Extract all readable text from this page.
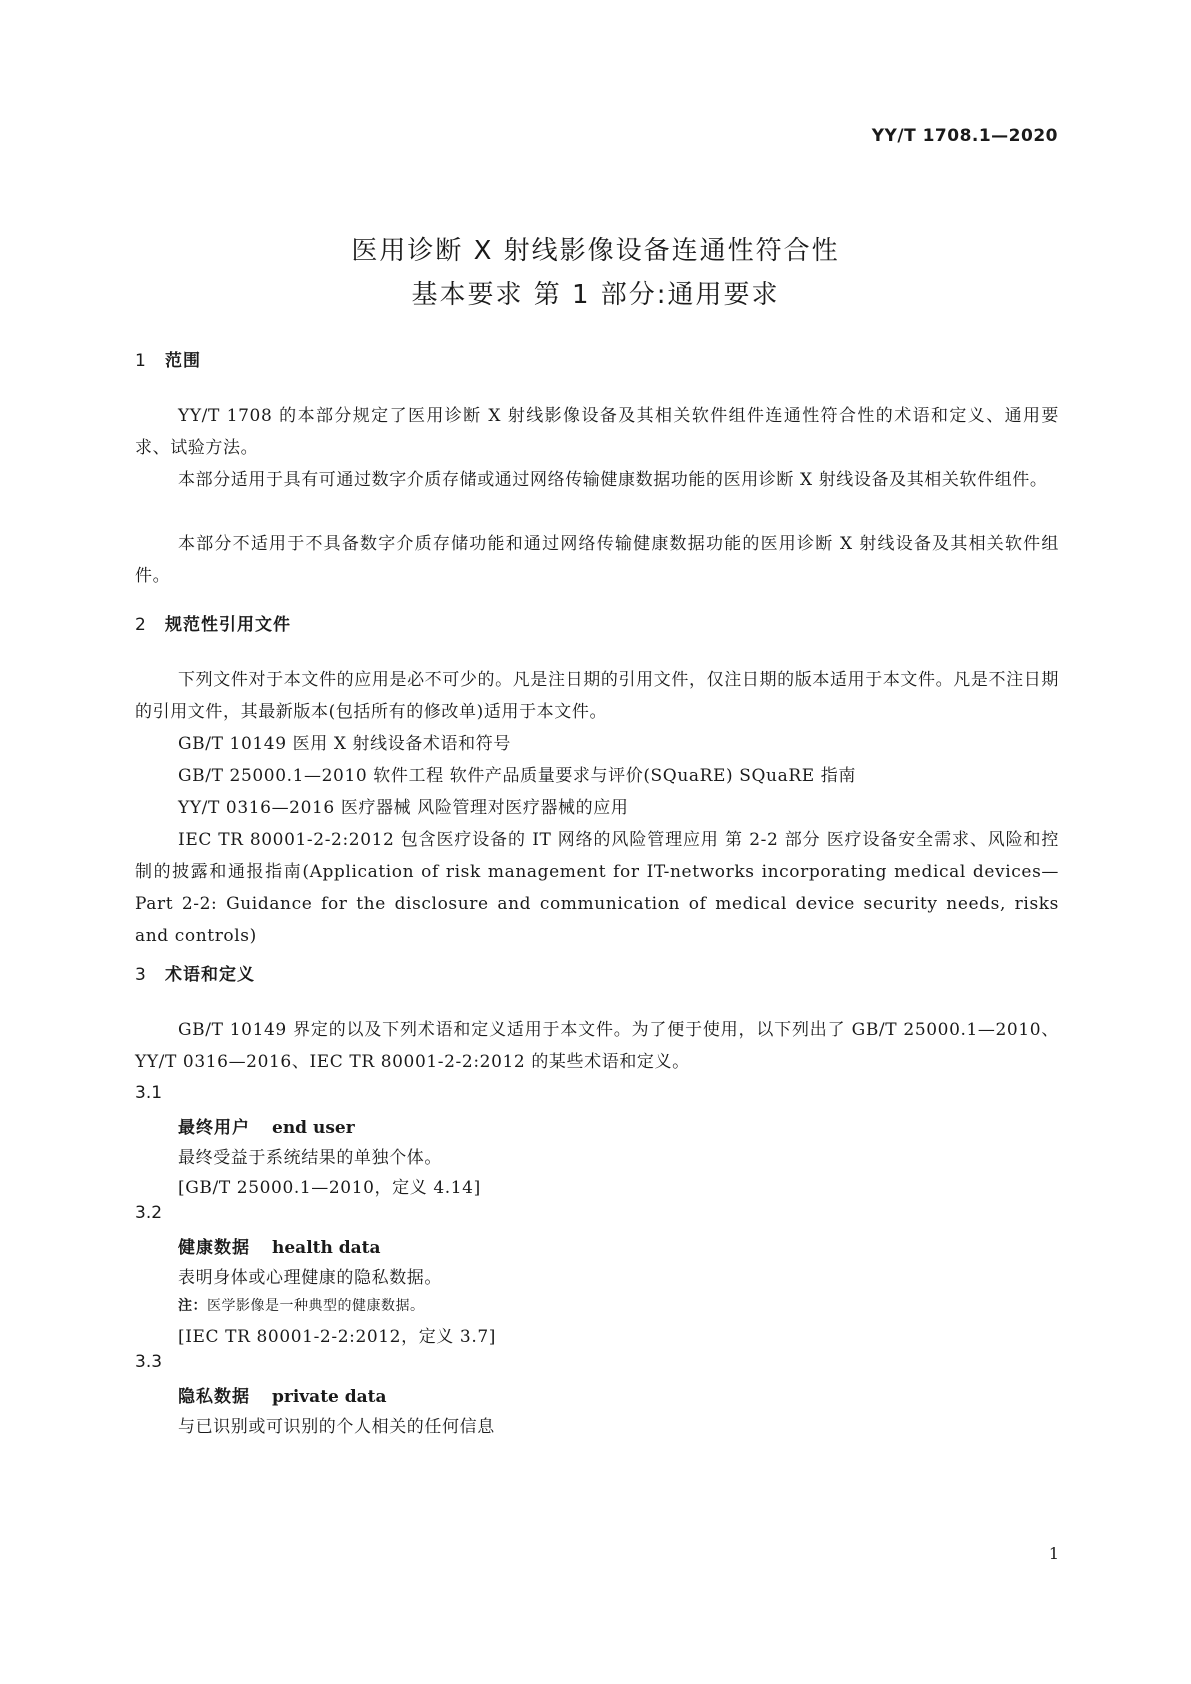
YY/T 1708.1—2020
医用诊断 X 射线影像设备连通性符合性
基本要求 第 1 部分:通用要求
1 范围
YY/T 1708 的本部分规定了医用诊断 X 射线影像设备及其相关软件组件连通性符合性的术语和定义、通用要求、试验方法。
本部分适用于具有可通过数字介质存储或通过网络传输健康数据功能的医用诊断 X 射线设备及其相关软件组件。
本部分不适用于不具备数字介质存储功能和通过网络传输健康数据功能的医用诊断 X 射线设备及其相关软件组件。
2 规范性引用文件
下列文件对于本文件的应用是必不可少的。凡是注日期的引用文件，仅注日期的版本适用于本文件。凡是不注日期的引用文件，其最新版本(包括所有的修改单)适用于本文件。
GB/T 10149 医用 X 射线设备术语和符号
GB/T 25000.1—2010 软件工程 软件产品质量要求与评价(SQuaRE) SQuaRE 指南
YY/T 0316—2016 医疗器械 风险管理对医疗器械的应用
IEC TR 80001-2-2:2012 包含医疗设备的 IT 网络的风险管理应用 第 2-2 部分 医疗设备安全需求、风险和控制的披露和通报指南(Application of risk management for IT-networks incorporating medical devices—Part 2-2: Guidance for the disclosure and communication of medical device security needs, risks and controls)
3 术语和定义
GB/T 10149 界定的以及下列术语和定义适用于本文件。为了便于使用，以下列出了 GB/T 25000.1—2010、YY/T 0316—2016、IEC TR 80001-2-2:2012 的某些术语和定义。
3.1
最终用户 end user
最终受益于系统结果的单独个体。
[GB/T 25000.1—2010，定义 4.14]
3.2
健康数据 health data
表明身体或心理健康的隐私数据。
注：医学影像是一种典型的健康数据。
[IEC TR 80001-2-2:2012，定义 3.7]
3.3
隐私数据 private data
与已识别或可识别的个人相关的任何信息
1
